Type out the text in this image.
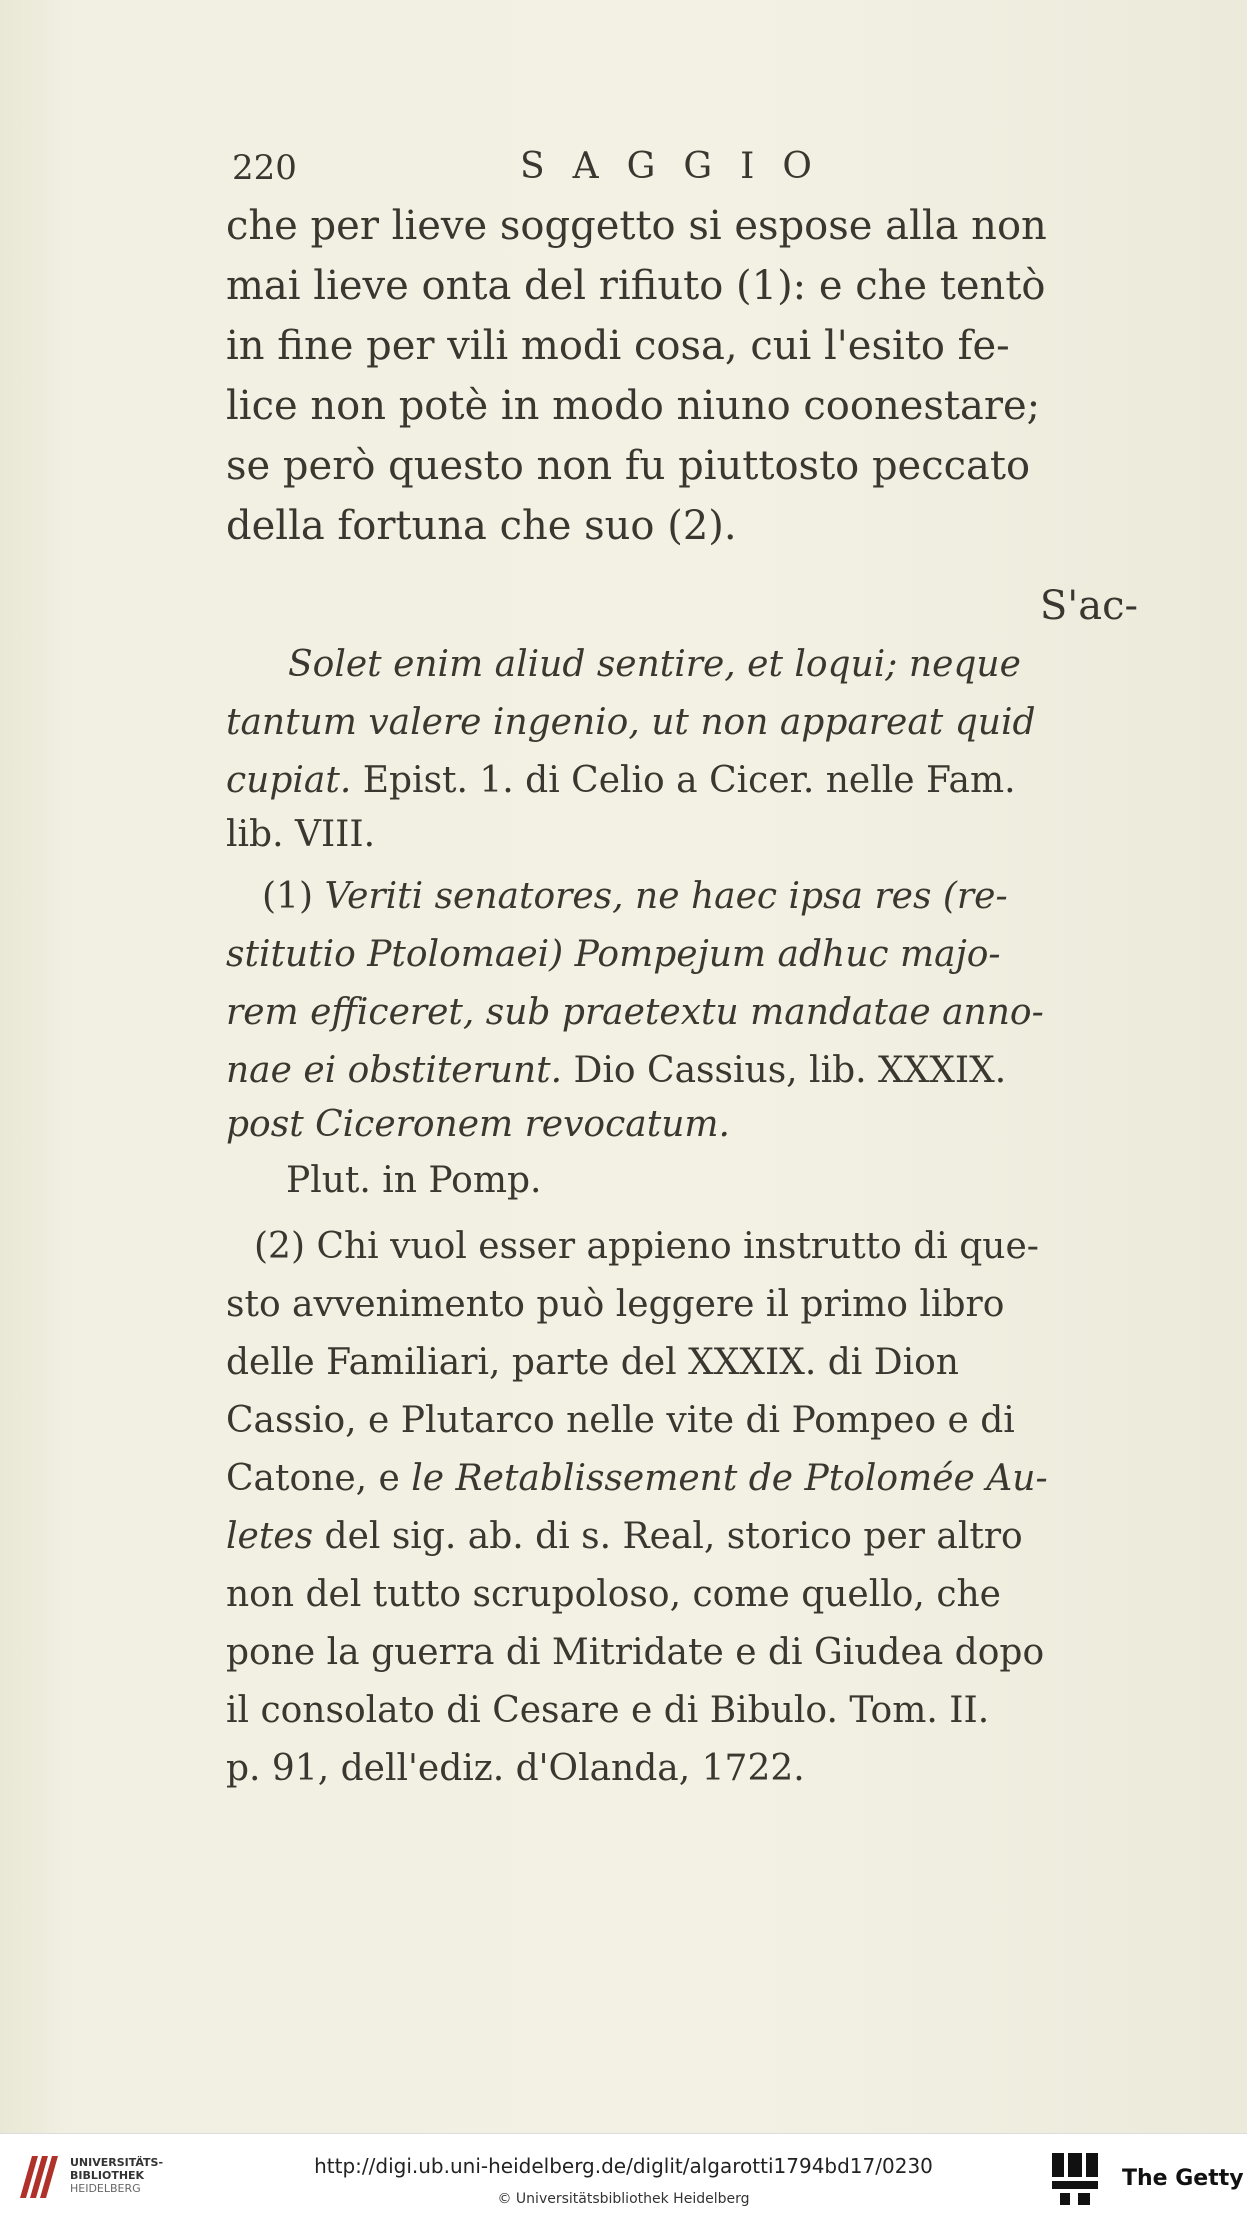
220	SAGGIO
che per lieve soggetto si espose alla non
mai lieve onta del rifiuto (1): e che tentò
in fine per vili modi cosa, cui l'esito fe-
lice non potè in modo niuno coonestare;
se però questo non fu piuttosto peccato
della fortuna che suo (2).
S'ac-
Solet enim aliud sentire, et loqui; neque
tantum valere ingenio, ut non appareat quid
cupiat. Epist. 1. di Celio a Cicer. nelle Fam.
lib. VIII.
(1) Veriti senatores, ne haec ipsa res (re-
stitutio Ptolomaei) Pompejum adhuc majo-
rem efficeret, sub praetextu mandatae anno-
nae ei obstiterunt. Dio Cassius, lib. XXXIX.
post Ciceronem revocatum.
Plut. in Pomp.
(2) Chi vuol esser appieno instrutto di que-
sto avvenimento può leggere il primo libro
delle Familiari, parte del XXXIX. di Dion
Cassio, e Plutarco nelle vite di Pompeo e di
Catone, e le Retablissement de Ptolomée Au-
letes del sig. ab. di s. Real, storico per altro
non del tutto scrupoloso, come quello, che
pone la guerra di Mitridate e di Giudea dopo
il consolato di Cesare e di Bibulo. Tom. II.
p. 91, dell'ediz. d'Olanda, 1722.
UNIVERSITÄTS-
BIBLIOTHEK
HEIDELBERG
http://digi.ub.uni-heidelberg.de/diglit/algarotti1794bd17/0230
© Universitätsbibliothek Heidelberg
The Getty
